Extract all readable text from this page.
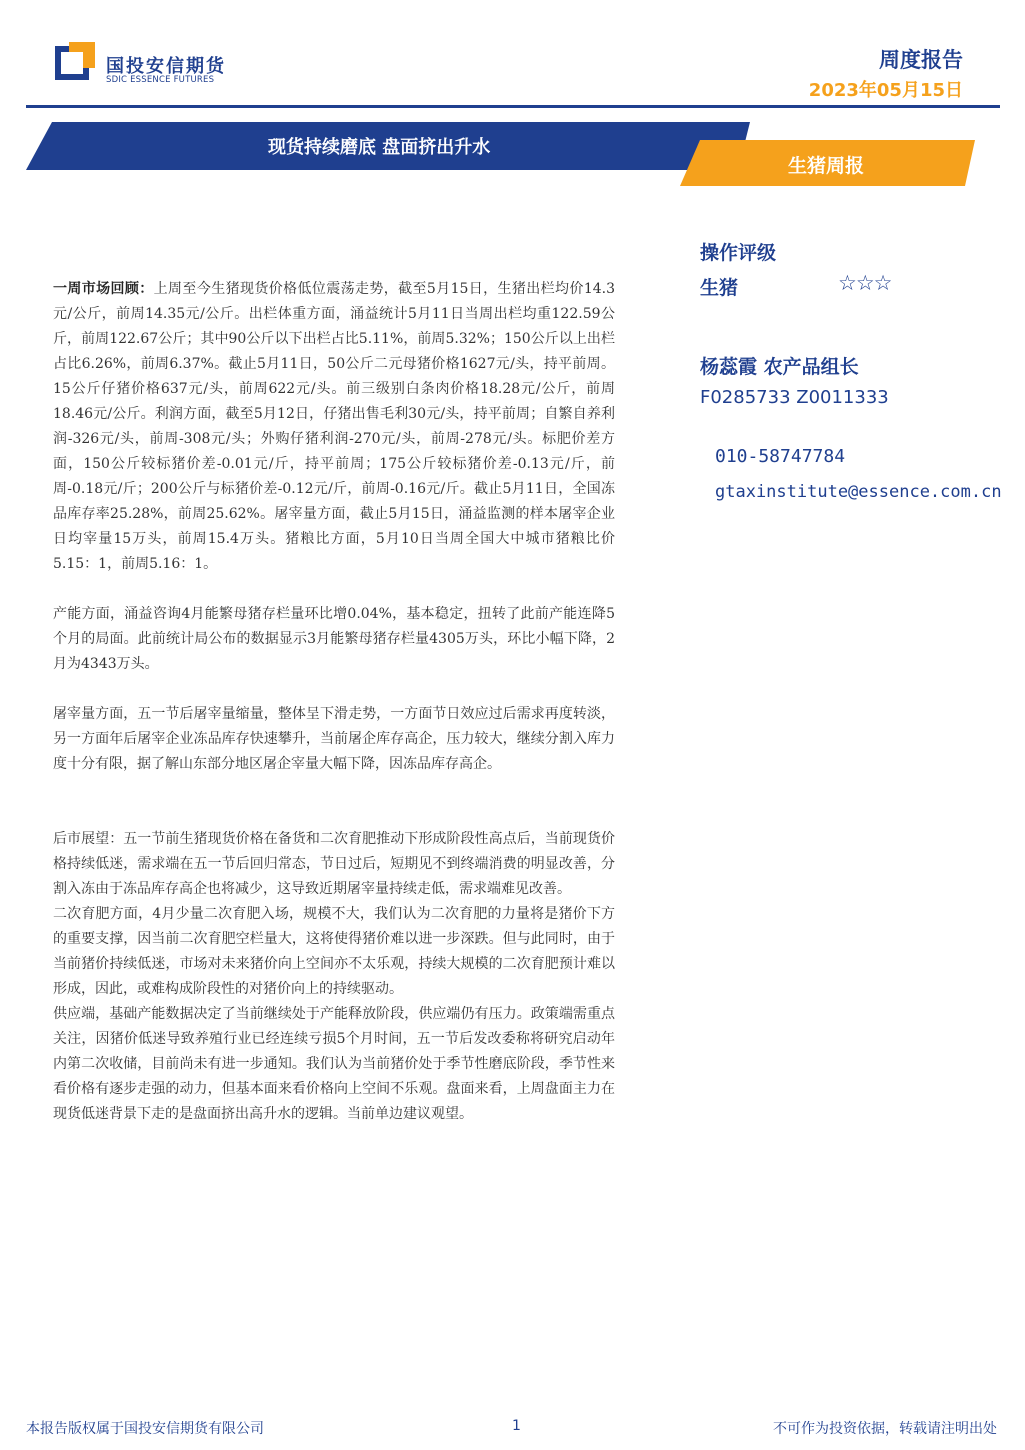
国投安信期货
SDIC ESSENCE FUTURES
周度报告
2023年05月15日
现货持续磨底 盘面挤出升水
生猪周报

一周市场回顾：上周至今生猪现货价格低位震荡走势，截至5月15日，生猪出栏均价14.3元/公斤，前周14.35元/公斤。出栏体重方面，涌益统计5月11日当周出栏均重122.59公斤，前周122.67公斤；其中90公斤以下出栏占比5.11%，前周5.32%；150公斤以上出栏占比6.26%，前周6.37%。截止5月11日，50公斤二元母猪价格1627元/头，持平前周。15公斤仔猪价格637元/头，前周622元/头。前三级别白条肉价格18.28元/公斤，前周18.46元/公斤。利润方面，截至5月12日，仔猪出售毛利30元/头，持平前周；自繁自养利润-326元/头，前周-308元/头；外购仔猪利润-270元/头，前周-278元/头。标肥价差方面，150公斤较标猪价差-0.01元/斤，持平前周；175公斤较标猪价差-0.13元/斤，前周-0.18元/斤；200公斤与标猪价差-0.12元/斤，前周-0.16元/斤。截止5月11日，全国冻品库存率25.28%，前周25.62%。屠宰量方面，截止5月15日，涌益监测的样本屠宰企业日均宰量15万头，前周15.4万头。猪粮比方面，5月10日当周全国大中城市猪粮比价5.15：1，前周5.16：1。

产能方面，涌益咨询4月能繁母猪存栏量环比增0.04%，基本稳定，扭转了此前产能连降5个月的局面。此前统计局公布的数据显示3月能繁母猪存栏量4305万头，环比小幅下降，2月为4343万头。

屠宰量方面，五一节后屠宰量缩量，整体呈下滑走势，一方面节日效应过后需求再度转淡，另一方面年后屠宰企业冻品库存快速攀升，当前屠企库存高企，压力较大，继续分割入库力度十分有限，据了解山东部分地区屠企宰量大幅下降，因冻品库存高企。

后市展望：五一节前生猪现货价格在备货和二次育肥推动下形成阶段性高点后，当前现货价格持续低迷，需求端在五一节后回归常态，节日过后，短期见不到终端消费的明显改善，分割入冻由于冻品库存高企也将减少，这导致近期屠宰量持续走低，需求端难见改善。

二次育肥方面，4月少量二次育肥入场，规模不大，我们认为二次育肥的力量将是猪价下方的重要支撑，因当前二次育肥空栏量大，这将使得猪价难以进一步深跌。但与此同时，由于当前猪价持续低迷，市场对未来猪价向上空间亦不太乐观，持续大规模的二次育肥预计难以形成，因此，或难构成阶段性的对猪价向上的持续驱动。

供应端，基础产能数据决定了当前继续处于产能释放阶段，供应端仍有压力。政策端需重点关注，因猪价低迷导致养殖行业已经连续亏损5个月时间，五一节后发改委称将研究启动年内第二次收储，目前尚未有进一步通知。我们认为当前猪价处于季节性磨底阶段，季节性来看价格有逐步走强的动力，但基本面来看价格向上空间不乐观。盘面来看，上周盘面主力在现货低迷背景下走的是盘面挤出高升水的逻辑。当前单边建议观望。

操作评级
生猪	☆☆☆
杨蕊霞 农产品组长
F0285733 Z0011333
010-58747784
gtaxinstitute@essence.com.cn
本报告版权属于国投安信期货有限公司	1	不可作为投资依据，转载请注明出处
